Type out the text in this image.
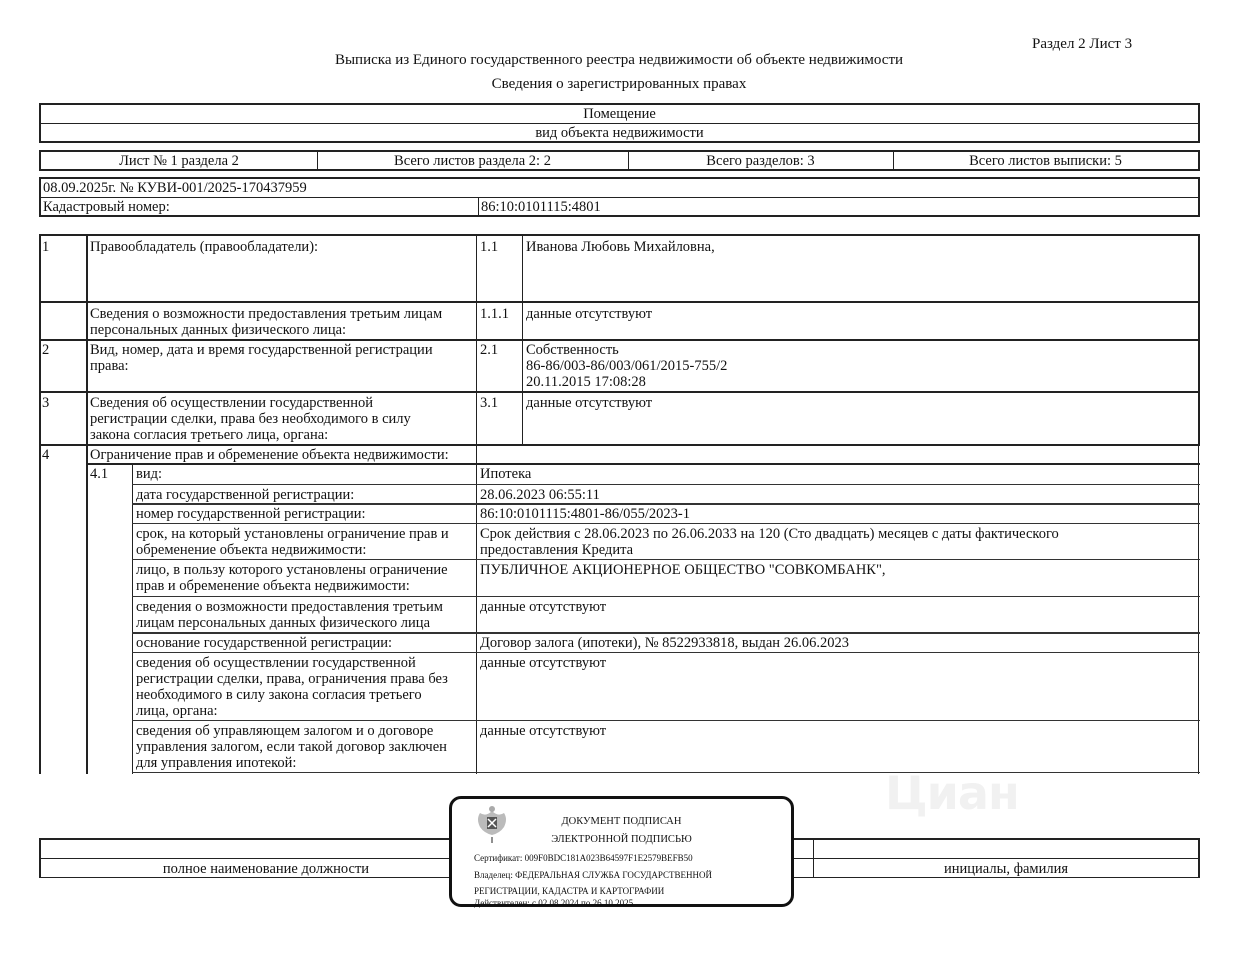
Раздел 2 Лист 3
Выписка из Единого государственного реестра недвижимости об объекте недвижимости
Сведения о зарегистрированных правах
Помещение
вид объекта недвижимости
Лист № 1 раздела 2	Всего листов раздела 2: 2	Всего разделов: 3	Всего листов выписки: 5
08.09.2025г. № КУВИ-001/2025-170437959
Кадастровый номер:	86:10:0101115:4801
1	Правообладатель (правообладатели):	1.1 Иванова Любовь Михайловна,
Сведения о возможности предоставления третьим лицам
персональных данных физического лица:
1.1.1 данные отсутствуют
2	Вид, номер, дата и время государственной регистрации
права:
2.1 Собственность
86-86/003-86/003/061/2015-755/2
20.11.2015 17:08:28
3	Сведения об осуществлении государственной
регистрации сделки, права без необходимого в силу
закона согласия третьего лица, органа:
3.1 данные отсутствуют
4	Ограничение прав и обременение объекта недвижимости:
4.1 вид:	Ипотека
дата государственной регистрации:	28.06.2023 06:55:11
номер государственной регистрации:	86:10:0101115:4801-86/055/2023-1
срок, на который установлены ограничение прав и
обременение объекта недвижимости:
Срок действия с 28.06.2023 по 26.06.2033 на 120 (Сто двадцать) месяцев с даты фактического
предоставления Кредита
лицо, в пользу которого установлены ограничение
прав и обременение объекта недвижимости:
ПУБЛИЧНОЕ АКЦИОНЕРНОЕ ОБЩЕСТВО "СОВКОМБАНК",
сведения о возможности предоставления третьим
лицам персональных данных физического лица
данные отсутствуют
основание государственной регистрации:	Договор залога (ипотеки), № 8522933818, выдан 26.06.2023
сведения об осуществлении государственной
регистрации сделки, права, ограничения права без
необходимого в силу закона согласия третьего
лица, органа:
данные отсутствуют
сведения об управляющем залогом и о договоре
управления залогом, если такой договор заключен
для управления ипотекой:
данные отсутствуют
Циан
полное наименование должности	инициалы, фамилия
ДОКУМЕНТ ПОДПИСАН
ЭЛЕКТРОННОЙ ПОДПИСЬЮ
Сертификат: 009F0BDC181A023B64597F1E2579BEFB50
Владелец: ФЕДЕРАЛЬНАЯ СЛУЖБА ГОСУДАРСТВЕННОЙ
РЕГИСТРАЦИИ, КАДАСТРА И КАРТОГРАФИИ
Действителен: с 02.08.2024 по 26.10.2025
